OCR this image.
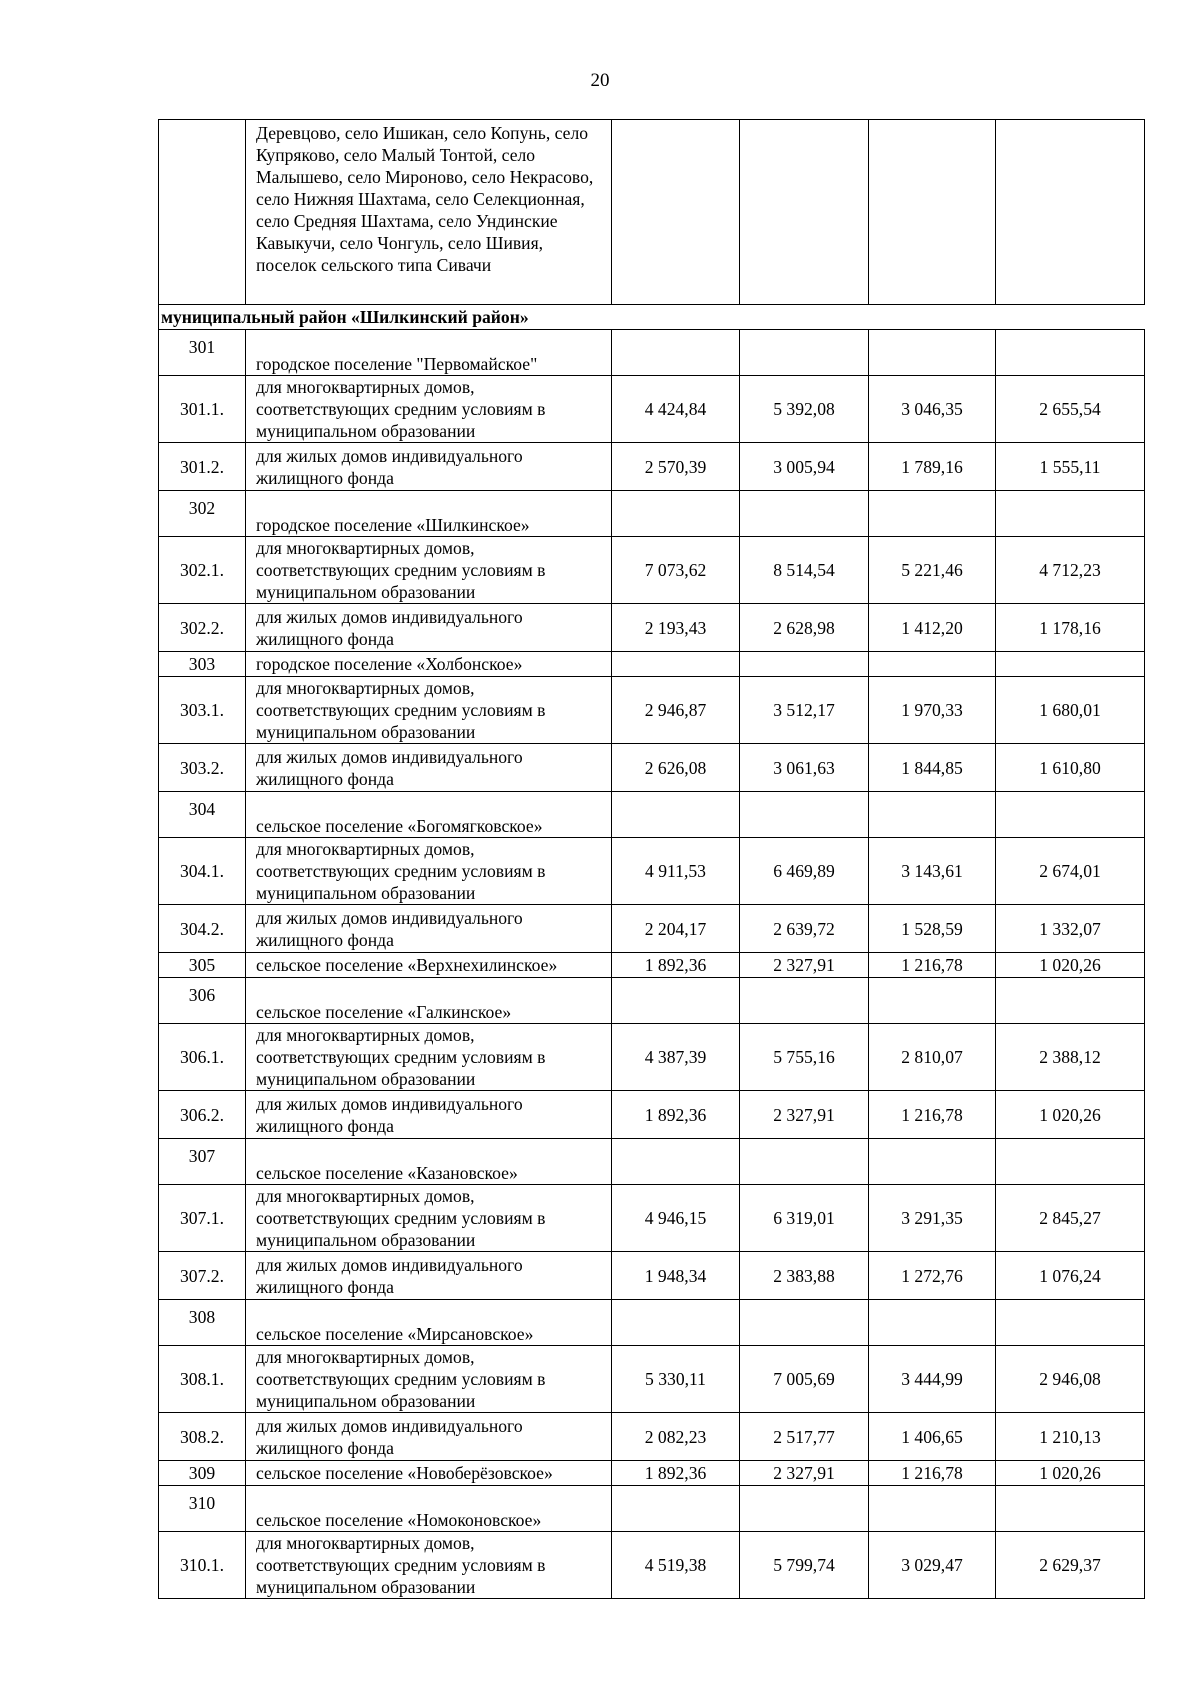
20
	Деревцово, село Ишикан, село Копунь, село Купряково, село Малый Тонтой, село Малышево, село Мироново, село Некрасово, село Нижняя Шахтама, село Селекционная, село Средняя Шахтама, село Ундинские Кавыкучи, село Чонгуль, село Шивия, поселок сельского типа Сивачи				
муниципальный район «Шилкинский район»					
301	городское поселение "Первомайское"				
301.1.	для многоквартирных домов, соответствующих средним условиям в муниципальном образовании	4 424,84	5 392,08	3 046,35	2 655,54
301.2.	для жилых домов индивидуального жилищного фонда	2 570,39	3 005,94	1 789,16	1 555,11
302	городское поселение «Шилкинское»				
302.1.	для многоквартирных домов, соответствующих средним условиям в муниципальном образовании	7 073,62	8 514,54	5 221,46	4 712,23
302.2.	для жилых домов индивидуального жилищного фонда	2 193,43	2 628,98	1 412,20	1 178,16
303	городское поселение «Холбонское»				
303.1.	для многоквартирных домов, соответствующих средним условиям в муниципальном образовании	2 946,87	3 512,17	1 970,33	1 680,01
303.2.	для жилых домов индивидуального жилищного фонда	2 626,08	3 061,63	1 844,85	1 610,80
304	сельское поселение «Богомягковское»				
304.1.	для многоквартирных домов, соответствующих средним условиям в муниципальном образовании	4 911,53	6 469,89	3 143,61	2 674,01
304.2.	для жилых домов индивидуального жилищного фонда	2 204,17	2 639,72	1 528,59	1 332,07
305	сельское поселение «Верхнехилинское»	1 892,36	2 327,91	1 216,78	1 020,26
306	сельское поселение «Галкинское»				
306.1.	для многоквартирных домов, соответствующих средним условиям в муниципальном образовании	4 387,39	5 755,16	2 810,07	2 388,12
306.2.	для жилых домов индивидуального жилищного фонда	1 892,36	2 327,91	1 216,78	1 020,26
307	сельское поселение «Казановское»				
307.1.	для многоквартирных домов, соответствующих средним условиям в муниципальном образовании	4 946,15	6 319,01	3 291,35	2 845,27
307.2.	для жилых домов индивидуального жилищного фонда	1 948,34	2 383,88	1 272,76	1 076,24
308	сельское поселение «Мирсановское»				
308.1.	для многоквартирных домов, соответствующих средним условиям в муниципальном образовании	5 330,11	7 005,69	3 444,99	2 946,08
308.2.	для жилых домов индивидуального жилищного фонда	2 082,23	2 517,77	1 406,65	1 210,13
309	сельское поселение «Новоберёзовское»	1 892,36	2 327,91	1 216,78	1 020,26
310	сельское поселение «Номоконовское»				
310.1.	для многоквартирных домов, соответствующих средним условиям в муниципальном образовании	4 519,38	5 799,74	3 029,47	2 629,37
